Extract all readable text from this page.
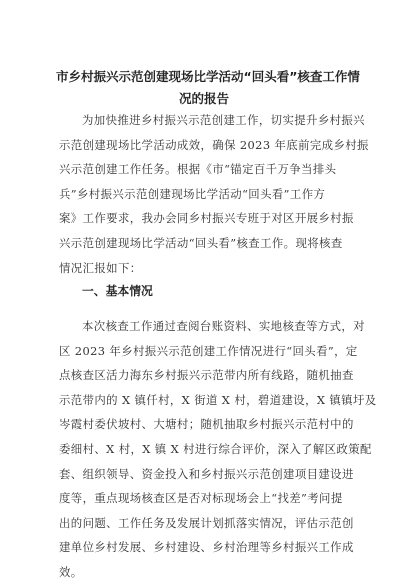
市乡村振兴示范创建现场比学活动“回头看”核查工作情
况的报告
为加快推进乡村振兴示范创建工作，切实提升乡村振兴
示范创建现场比学活动成效，确保 2023 年底前完成乡村振
兴示范创建工作任务。根据《市“锚定百千万争当排头
兵”乡村振兴示范创建现场比学活动“回头看”工作方
案》工作要求，我办会同乡村振兴专班于对区开展乡村振
兴示范创建现场比学活动“回头看”核查工作。现将核查
情况汇报如下：
一、基本情况
本次核查工作通过查阅台账资料、实地核查等方式，对
区 2023 年乡村振兴示范创建工作情况进行“回头看”，定
点核查区活力海东乡村振兴示范带内所有线路，随机抽查
示范带内的 X 镇仟村，X 街道 X 村，碧道建设，X 镇镇圩及
岑霞村委伏坡村、大塘村；随机抽取乡村振兴示范村中的
委细村、X 村，X 镇 X 村进行综合评价，深入了解区政策配
套、组织领导、资金投入和乡村振兴示范创建项目建设进
度等，重点现场核查区是否对标现场会上“找差”考问提
出的问题、工作任务及发展计划抓落实情况，评估示范创
建单位乡村发展、乡村建设、乡村治理等乡村振兴工作成
效。
